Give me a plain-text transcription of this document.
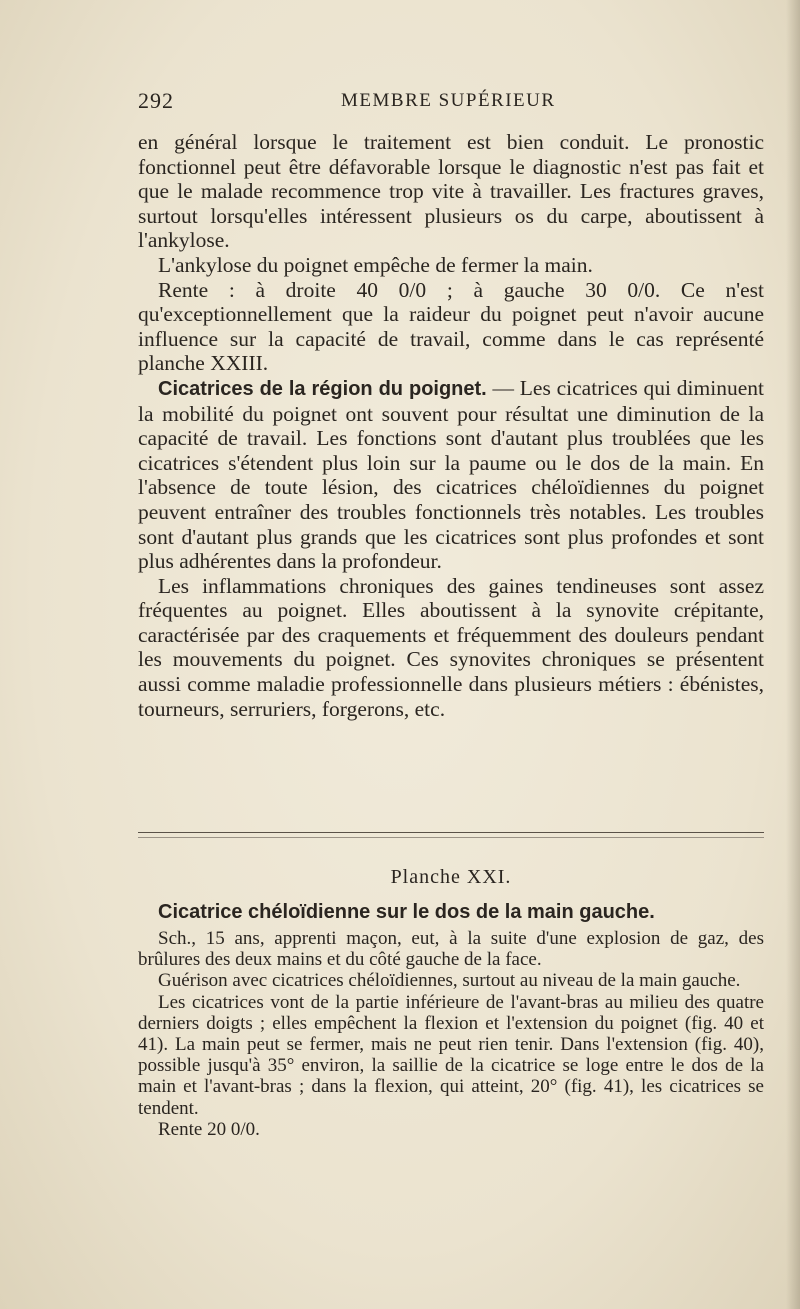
292	MEMBRE SUPÉRIEUR

en général lorsque le traitement est bien conduit. Le pronostic fonctionnel peut être défavorable lorsque le diagnostic n'est pas fait et que le malade recommence trop vite à travailler. Les fractures graves, surtout lorsqu'elles intéressent plusieurs os du carpe, aboutissent à l'ankylose.

L'ankylose du poignet empêche de fermer la main.

Rente : à droite 40 0/0 ; à gauche 30 0/0. Ce n'est qu'exceptionnellement que la raideur du poignet peut n'avoir aucune influence sur la capacité de travail, comme dans le cas représenté planche XXIII.

Cicatrices de la région du poignet. — Les cicatrices qui diminuent la mobilité du poignet ont souvent pour résultat une diminution de la capacité de travail. Les fonctions sont d'autant plus troublées que les cicatrices s'étendent plus loin sur la paume ou le dos de la main. En l'absence de toute lésion, des cicatrices chéloïdiennes du poignet peuvent entraîner des troubles fonctionnels très notables. Les troubles sont d'autant plus grands que les cicatrices sont plus profondes et sont plus adhérentes dans la profondeur.

Les inflammations chroniques des gaines tendineuses sont assez fréquentes au poignet. Elles aboutissent à la synovite crépitante, caractérisée par des craquements et fréquemment des douleurs pendant les mouvements du poignet. Ces synovites chroniques se présentent aussi comme maladie professionnelle dans plusieurs métiers : ébénistes, tourneurs, serruriers, forgerons, etc.

Planche XXI.
Cicatrice chéloïdienne sur le dos de la main gauche.

Sch., 15 ans, apprenti maçon, eut, à la suite d'une explosion de gaz, des brûlures des deux mains et du côté gauche de la face.

Guérison avec cicatrices chéloïdiennes, surtout au niveau de la main gauche.

Les cicatrices vont de la partie inférieure de l'avant-bras au milieu des quatre derniers doigts ; elles empêchent la flexion et l'extension du poignet (fig. 40 et 41). La main peut se fermer, mais ne peut rien tenir. Dans l'extension (fig. 40), possible jusqu'à 35° environ, la saillie de la cicatrice se loge entre le dos de la main et l'avant-bras ; dans la flexion, qui atteint, 20° (fig. 41), les cicatrices se tendent.

Rente 20 0/0.
